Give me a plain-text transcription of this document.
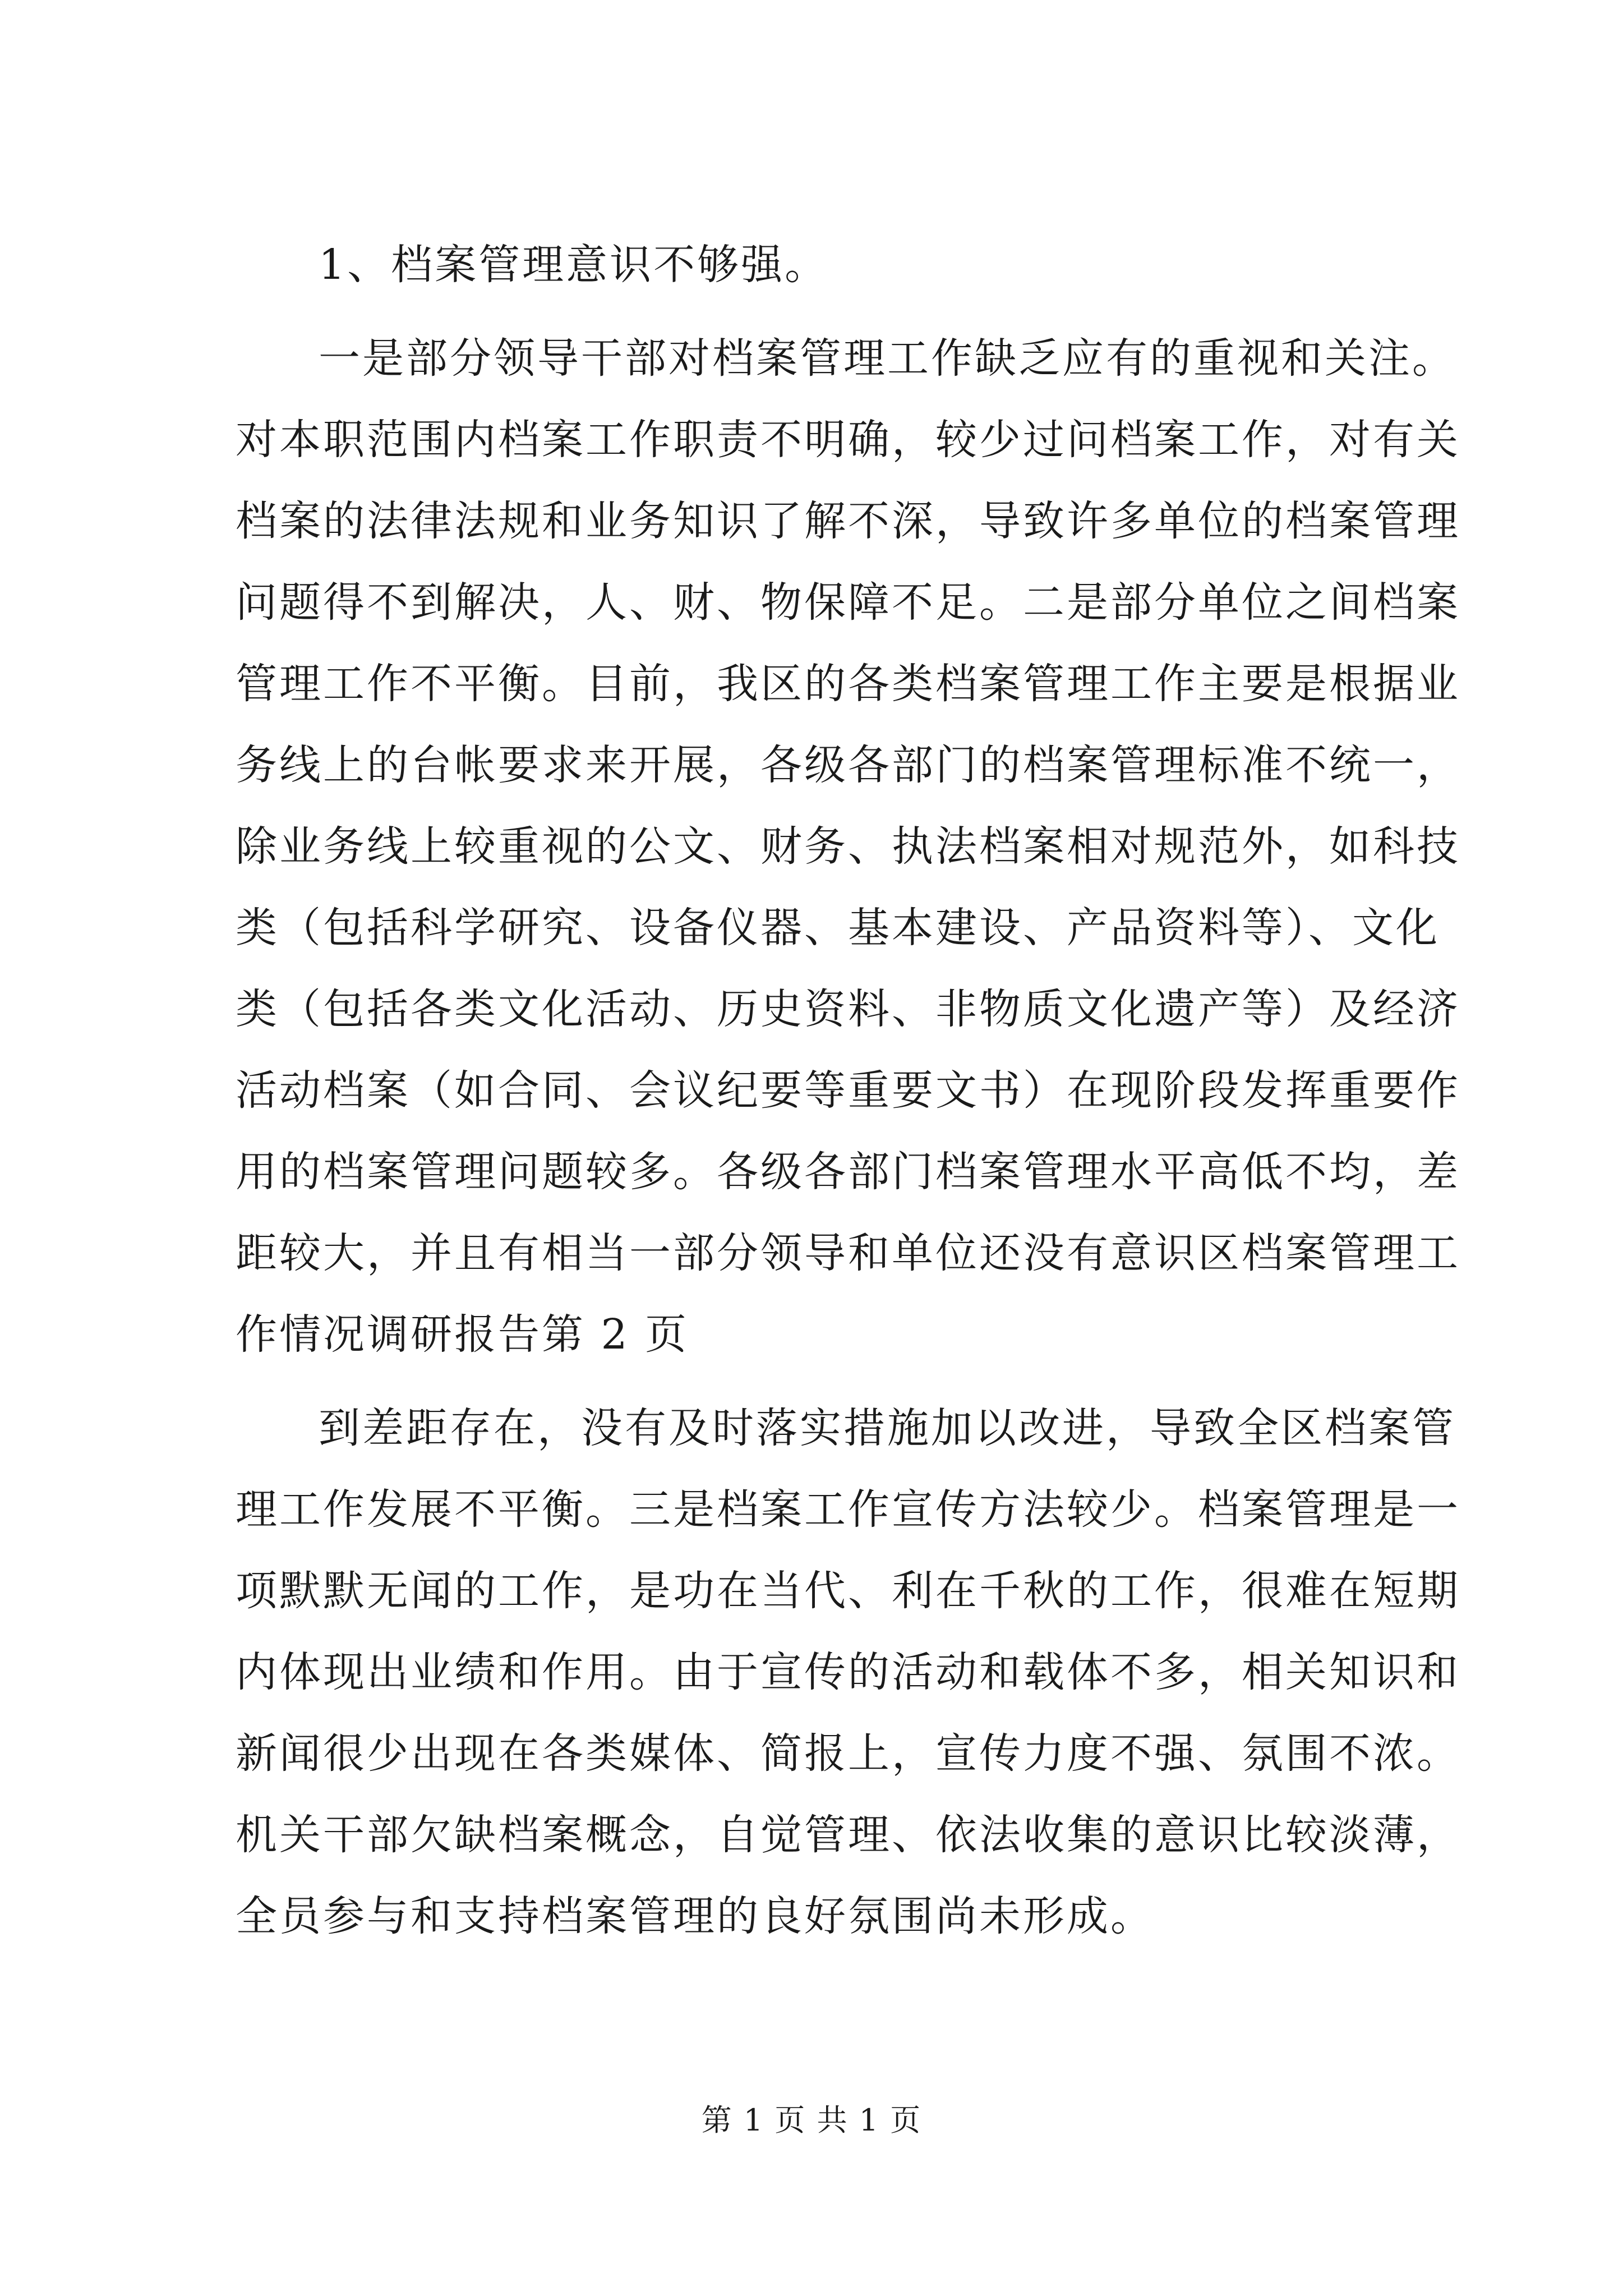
1、档案管理意识不够强。

一是部分领导干部对档案管理工作缺乏应有的重视和关注。

对本职范围内档案工作职责不明确，较少过问档案工作，对有关

档案的法律法规和业务知识了解不深，导致许多单位的档案管理

问题得不到解决，人、财、物保障不足。二是部分单位之间档案

管理工作不平衡。目前，我区的各类档案管理工作主要是根据业

务线上的台帐要求来开展，各级各部门的档案管理标准不统一，

除业务线上较重视的公文、财务、执法档案相对规范外，如科技

类（包括科学研究、设备仪器、基本建设、产品资料等）、文化

类（包括各类文化活动、历史资料、非物质文化遗产等）及经济

活动档案（如合同、会议纪要等重要文书）在现阶段发挥重要作

用的档案管理问题较多。各级各部门档案管理水平高低不均，差

距较大，并且有相当一部分领导和单位还没有意识区档案管理工

作情况调研报告第 2 页

到差距存在，没有及时落实措施加以改进，导致全区档案管

理工作发展不平衡。三是档案工作宣传方法较少。档案管理是一

项默默无闻的工作，是功在当代、利在千秋的工作，很难在短期

内体现出业绩和作用。由于宣传的活动和载体不多，相关知识和

新闻很少出现在各类媒体、简报上，宣传力度不强、氛围不浓。

机关干部欠缺档案概念，自觉管理、依法收集的意识比较淡薄，

全员参与和支持档案管理的良好氛围尚未形成。

第 1 页 共 1 页
